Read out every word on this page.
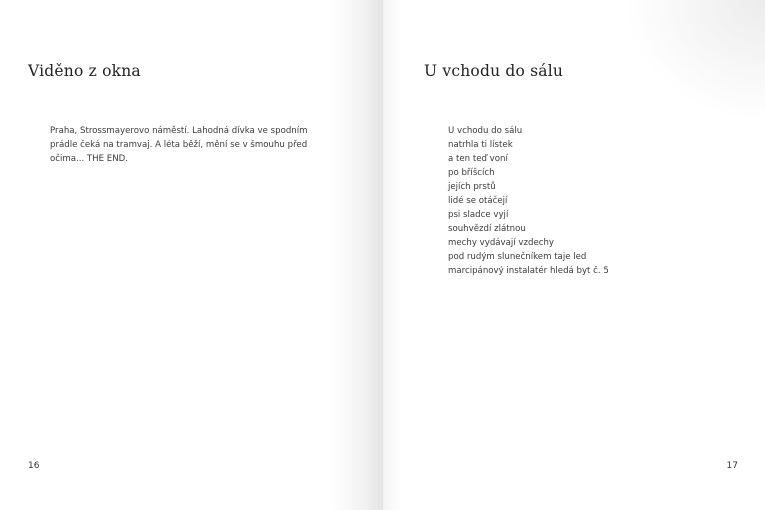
Viděno z okna

Praha, Strossmayerovo náměstí. Lahodná dívka ve spodním prádle čeká na tramvaj. A léta běží, mění se v šmouhu před očima... THE END.

16
U vchodu do sálu
U vchodu do sálu
natrhla ti lístek
a ten teď voní
po bříšcích
jejích prstů
lidé se otáčejí
psi sladce vyjí
souhvězdí zlátnou
mechy vydávají vzdechy
pod rudým slunečníkem taje led
marcipánový instalatér hledá byt č. 5
17
